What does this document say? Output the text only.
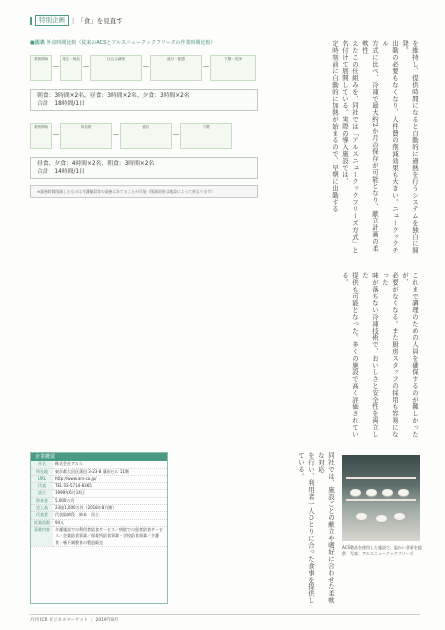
特別企画	| 「食」を見直す
■図表 外食時間比較（従来のACSとアルスニュークックフリーズの作業時間比較）
業務開始	発注・検品	仕込み調理	盛付・配膳	下膳・洗浄
朝食：3時間×2名、昼食：3時間×2名、夕食：3時間×2名
合計　18時間/1日
業務開始	再加熱	盛付	下膳
昼食、夕食：4時間×2名、朝食：3時間×2名
合計　14時間/1日
※業務時間削減したものは介護職員等の業務にあてることが可能（削減効果は施設によって異なります）	を維持し、提供時間になると自動的に過熱を行うシステムを独自に開発。 出勤の必要もなくなり、人件費の削減効果も大きい。ニュークックチル 方式に比べ、冷凍で最大約2か月の保存が可能となり、献立計画の柔軟性 えたこの仕組みを、同社では「アルスニュークックフリーズ方式」と 名付けて展開している。実際の導入施設では、 定時刻前に自動的に加熱が始まるので、早朝に出勤する
これまで調理のための人員を確保するのが難しかったが、 必要がなくなる。また厨房スタッフの採用も容易になった 味が落ちない冷凍技術で、おいしさと安全性を両立した 提供も可能となった。多くの施設で高く評価されている。
同社では、施設ごとの献立や嗜好に合わせた柔軟な対応 を行い、利用者一人ひとりに合った食事を提供している。
企業概要
社名	株式会社アルス
所在地	東京都大田区蒲田 3-23-8 蒲田ビル 11階
URL	http://www.ars-co.jp/
代表	TEL 03-5714-8365
設立	1999年6月14日
資本金	5,000万円
売上高	23億1,000万円（2018年8月期）
代表者	代表取締役　柿本　昌士
従業員数	94人
事業内容	介護施設での利用者給食サービス／病院での患者給食サービス／企業給食事業／保育所給食事業・学校給食事業／介護食・嚥下調整食の製造販売
ACS製品を使用した施設で、温かい食事を提供　写真：アルスニュークックフリーズ
月刊 ICR ビジネスマーケット | 2019年8月
